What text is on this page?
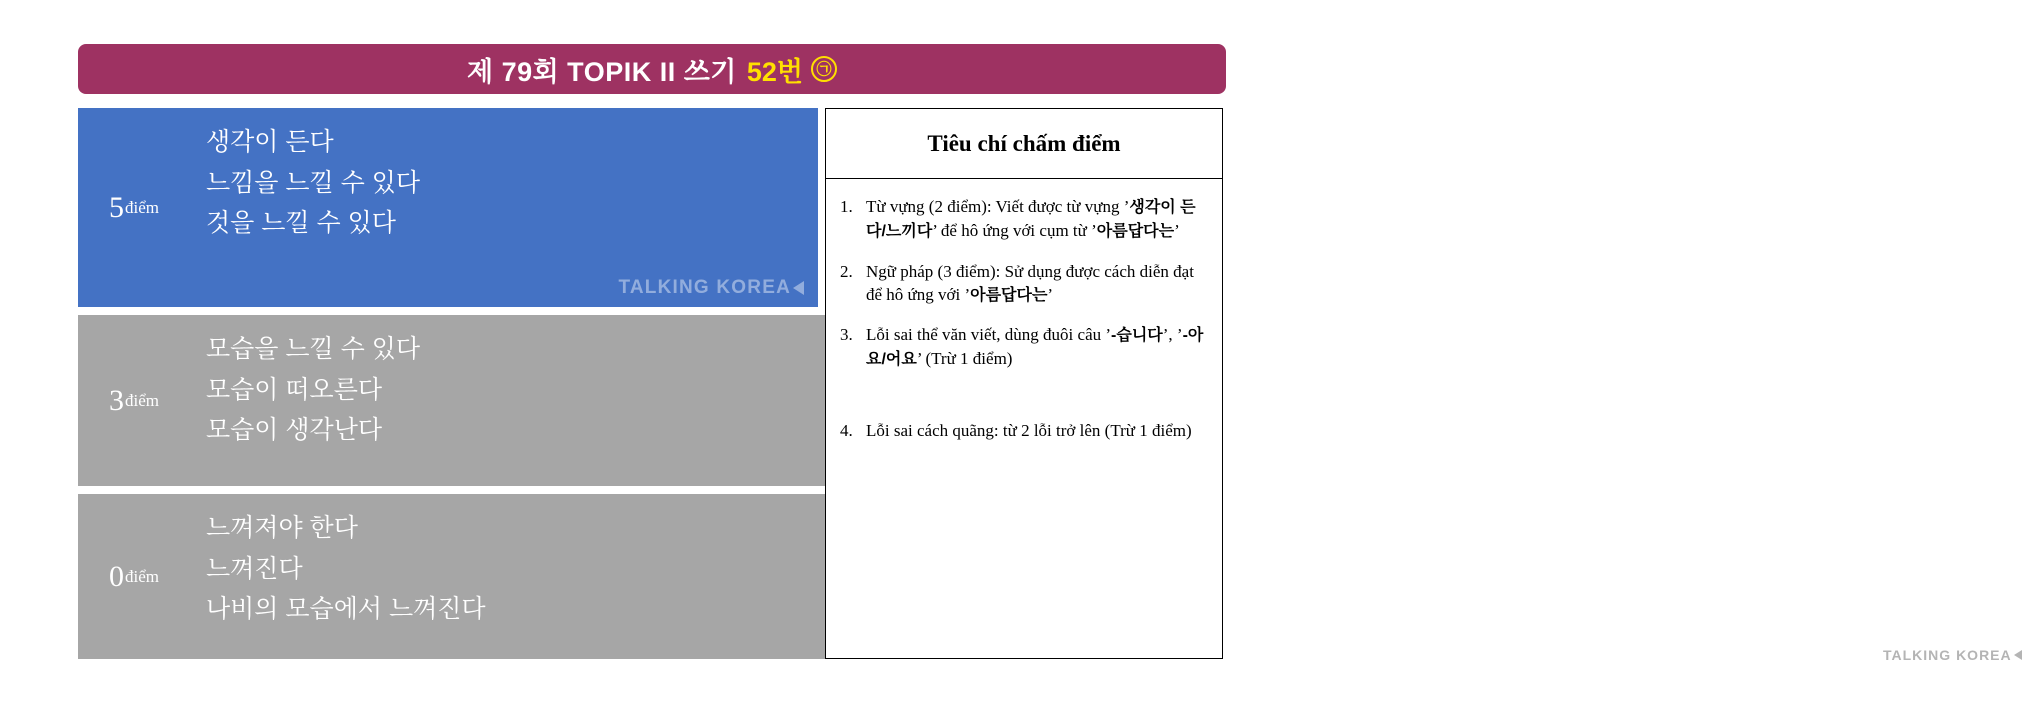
제 79회 TOPIK II 쓰기 52번 ㉠
5 điểm
생각이 든다
느낌을 느낄 수 있다
것을 느낄 수 있다
TALKING KOREA
3 điểm
모습을 느낄 수 있다
모습이 떠오른다
모습이 생각난다
0 điểm
느껴져야 한다
느껴진다
나비의 모습에서 느껴진다
Tiêu chí chấm điểm
1. Từ vựng (2 điểm): Viết được từ vựng ’생각이 든다/느끼다’ để hô ứng với cụm từ ’아름답다는’
2. Ngữ pháp (3 điểm): Sử dụng được cách diễn đạt để hô ứng với ’아름답다는’
3. Lỗi sai thể văn viết, dùng đuôi câu ’-습니다’, ’-아요/어요’ (Trừ 1 điểm)
TALKING KOREA
4. Lỗi sai cách quãng: từ 2 lỗi trở lên (Trừ 1 điểm)
